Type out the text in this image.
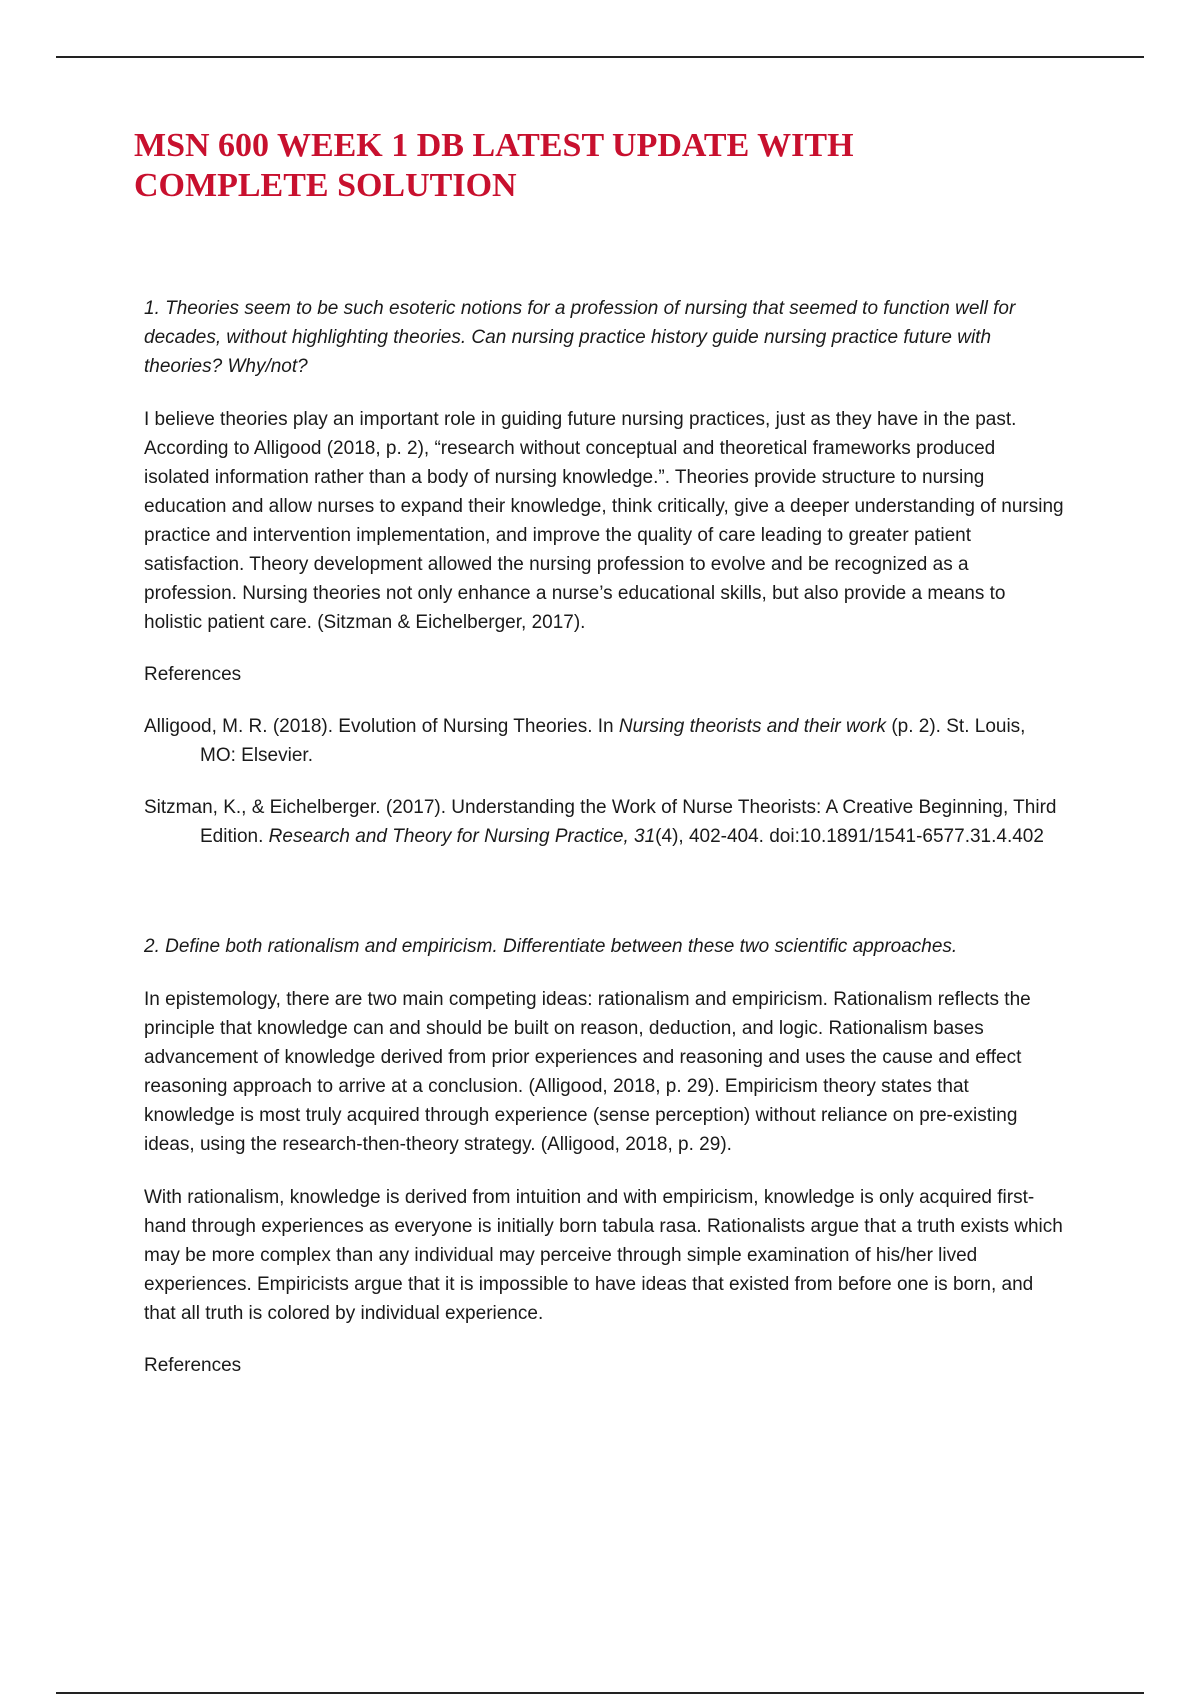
MSN 600 WEEK 1 DB LATEST UPDATE WITH COMPLETE SOLUTION

1. Theories seem to be such esoteric notions for a profession of nursing that seemed to function well for decades, without highlighting theories. Can nursing practice history guide nursing practice future with theories? Why/not?

I believe theories play an important role in guiding future nursing practices, just as they have in the past. According to Alligood (2018, p. 2), “research without conceptual and theoretical frameworks produced isolated information rather than a body of nursing knowledge.”. Theories provide structure to nursing education and allow nurses to expand their knowledge, think critically, give a deeper understanding of nursing practice and intervention implementation, and improve the quality of care leading to greater patient satisfaction. Theory development allowed the nursing profession to evolve and be recognized as a profession. Nursing theories not only enhance a nurse’s educational skills, but also provide a means to holistic patient care. (Sitzman & Eichelberger, 2017).

References

Alligood, M. R. (2018). Evolution of Nursing Theories. In Nursing theorists and their work (p. 2). St. Louis, MO: Elsevier.

Sitzman, K., & Eichelberger. (2017). Understanding the Work of Nurse Theorists: A Creative Beginning, Third Edition. Research and Theory for Nursing Practice, 31(4), 402-404. doi:10.1891/1541-6577.31.4.402

2. Define both rationalism and empiricism. Differentiate between these two scientific approaches.

In epistemology, there are two main competing ideas: rationalism and empiricism. Rationalism reflects the principle that knowledge can and should be built on reason, deduction, and logic. Rationalism bases advancement of knowledge derived from prior experiences and reasoning and uses the cause and effect reasoning approach to arrive at a conclusion. (Alligood, 2018, p. 29). Empiricism theory states that knowledge is most truly acquired through experience (sense perception) without reliance on pre-existing ideas, using the research-then-theory strategy. (Alligood, 2018, p. 29).

With rationalism, knowledge is derived from intuition and with empiricism, knowledge is only acquired first-hand through experiences as everyone is initially born tabula rasa. Rationalists argue that a truth exists which may be more complex than any individual may perceive through simple examination of his/her lived experiences. Empiricists argue that it is impossible to have ideas that existed from before one is born, and that all truth is colored by individual experience.

References
